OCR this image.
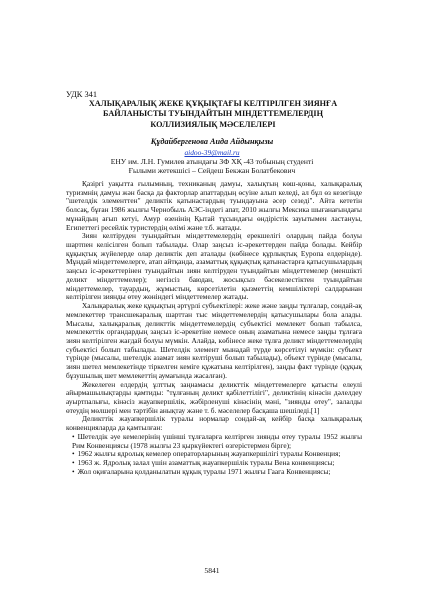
УДК 341
ХАЛЫҚАРАЛЫҚ ЖЕКЕ ҚҰҚЫҚТАҒЫ КЕЛТІРІЛГЕН ЗИЯНҒА БАЙЛАНЫСТЫ ТУЫНДАЙТЫН МІНДЕТТЕМЕЛЕРДІҢ КОЛЛИЗИЯЛЫҚ МӘСЕЛЕЛЕРІ
Құдайбергенова Аида Айдынқызы
aidoo-39@mail.ru
ЕНУ им. Л.Н. Гумилев атындағы ЗФ ХҚ -43 тобының студенті
Ғылыми жетекшісі – Сейдеш Бекжан Болатбекович

Қазіргі уақытта ғылымның, техниканың дамуы, халықтың көш-қоны, халықаралық туризмнің дамуы жән басқа да факторлар апаттардың өсуіне алып келеді, ал бұл өз кезегінде "шетелдік элементтен" деликтік қатынастардың туындауына әсер сезеді". Айта кететін болсақ, бұған 1986 жылғы Чернобыль АЭС-індегі апат, 2010 жылғы Мексика шығанағындағы мұнайдың ағып кетуі, Амур өзенінің Қытай тұсындағы өндірістік зауытымен ластануы, Египеттегі ресейлік туристердің өлімі және т.б. жатады.

Зиян келтіруден туындайтын міндеттемелердің ерекшелігі олардың пайда болуы шартпен келісілген болып табылады. Олар заңсыз іс-әрекеттерден пайда болады. Кейбір құқықтық жүйелерде олар деликтік деп аталады (көбінесе құрлықтық Еуропа елдерінде). Мұндай міндеттемелерге, атап айтқанда, азаматтық құқықтық қатынастарға қатысушылардың заңсыз іс-әрекеттерінен туындайтын зиян келтіруден туындайтын міндеттемелер (меншікті деликт міндеттемелер); негізсіз баюдан, жосықсыз бәсекелестіктен туындайтын міндеттемелер, тауардың, жұмыстың, көрсетілетін қызметтің кемшіліктері салдарынан келтірілген зиянды өтеу жөніндегі міндеттемелер жатады.

Халықаралық жеке құқықтың әртүрлі субъектілері: жеке және заңды тұлғалар, сондай-ақ мемлекеттер трансшекаралық шарттан тыс міндеттемелердің қатысушылары бола алады. Мысалы, халықаралық деликттік міндеттемелердің субъектісі мемлекет болып табылса, мемлекеттік органдардың заңсыз іс-әрекетіне немесе оның азаматына немесе заңды тұлғаға зиян келтірілген жағдай болуы мүмкін. Алайда, көбінесе жеке тұлға деликт міндеттемелердің субъектісі болып табылады. Шетелдік элемент мынадай түрде көрсетілуі мүмкін: субъект түрінде (мысалы, шетелдік азамат зиян келтіруші болып табылады), объект түрінде (мысалы, зиян шетел мемлекетінде тіркелген кеміге құжатына келтірілген), заңды факт түрінде (құқық бұзушылық шет мемлекеттің аумағында жасалған).

Жекелеген елдердің ұлттық заңнамасы деликттік міндеттемелерге қатысты елеулі айырмашылықтарды қамтиды: "тұлғаның деликт қабілеттілігі", деликтінің кінәсін дәлелдеу ауыртпалығы, кінәсіз жауапкершілік, жәбірленуші кінәсінің мәні, "зиянды өтеу", залалды өтеудің мөлшері мен тәртібін анықтау және т. б. мәселелер басқаша шешіледі.[1]

Деликттік жауапкершілік туралы нормалар сондай-ақ кейбір басқа халықаралық конвенцияларда да қамтылған:

• Шетелдік әуе кемелерінің үшінші тұлғаларға келтірген зиянды өтеу туралы 1952 жылғы Рим Конвенциясы (1978 жылғы 23 қыркүйектегі өзгерістермен бірге);

• 1962 жылғы ядролық кемелер операторларының жауапкершілігі туралы Конвенция;

• 1963 ж. Ядролық залал үшін азаматтық жауапкершілік туралы Вена конвенциясы;

• Жол оқиғаларына қолданылатын құқық туралы 1971 жылғы Гаага Конвенциясы;

5841
